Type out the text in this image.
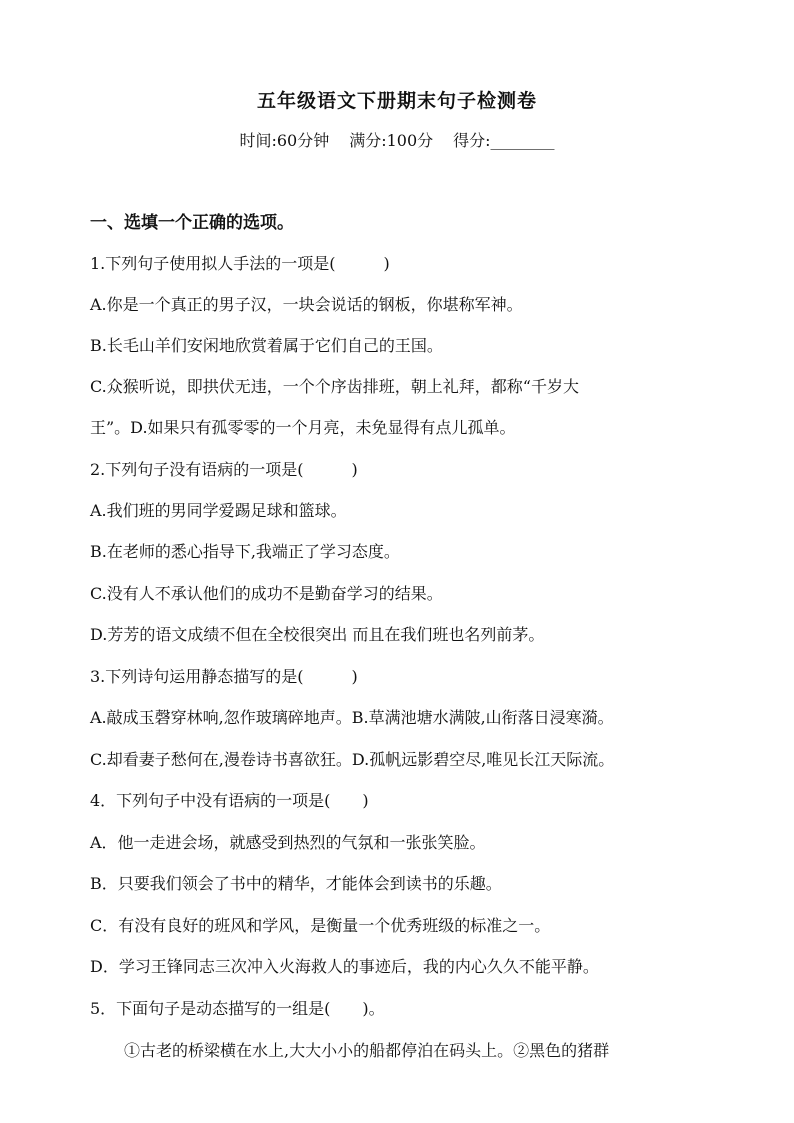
五年级语文下册期末句子检测卷
时间:60分钟 满分:100分 得分:________
一、选填一个正确的选项。
1.下列句子使用拟人手法的一项是(　　　)
A.你是一个真正的男子汉，一块会说话的钢板，你堪称军神。
B.长毛山羊们安闲地欣赏着属于它们自己的王国。
C.众猴听说，即拱伏无违，一个个序齿排班，朝上礼拜，都称“千岁大
王”。D.如果只有孤零零的一个月亮，未免显得有点儿孤单。
2.下列句子没有语病的一项是(　　　)
A.我们班的男同学爱踢足球和篮球。
B.在老师的悉心指导下,我端正了学习态度。
C.没有人不承认他们的成功不是勤奋学习的结果。
D.芳芳的语文成绩不但在全校很突出 而且在我们班也名列前茅。
3.下列诗句运用静态描写的是(　　　)
A.敲成玉磬穿林响,忽作玻璃碎地声。B.草满池塘水满陂,山衔落日浸寒漪。
C.却看妻子愁何在,漫卷诗书喜欲狂。D.孤帆远影碧空尽,唯见长江天际流。
4．下列句子中没有语病的一项是(　　)
A．他一走进会场，就感受到热烈的气氛和一张张笑脸。
B．只要我们领会了书中的精华，才能体会到读书的乐趣。
C．有没有良好的班风和学风，是衡量一个优秀班级的标准之一。
D．学习王锋同志三次冲入火海救人的事迹后，我的内心久久不能平静。
5．下面句子是动态描写的一组是(　　)。
①古老的桥梁横在水上,大大小小的船都停泊在码头上。②黑色的猪群
